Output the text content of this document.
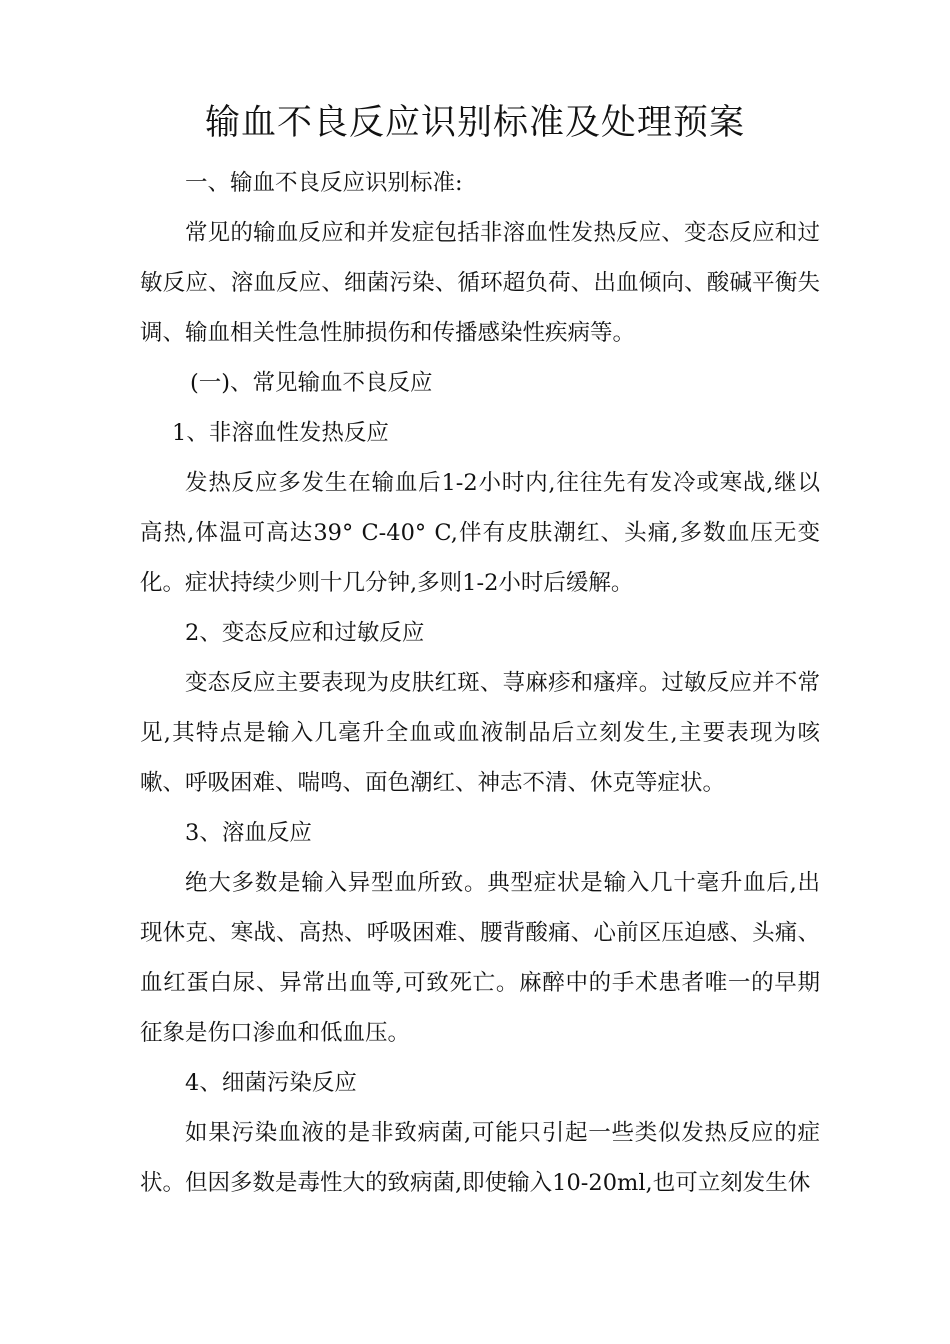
输血不良反应识别标准及处理预案

一、输血不良反应识别标准:

常见的输血反应和并发症包括非溶血性发热反应、变态反应和过敏反应、溶血反应、细菌污染、循环超负荷、出血倾向、酸碱平衡失调、输血相关性急性肺损伤和传播感染性疾病等。

(一)、常见输血不良反应

1、非溶血性发热反应

发热反应多发生在输血后1-2小时内,往往先有发冷或寒战,继以高热,体温可高达39° C-40° C,伴有皮肤潮红、头痛,多数血压无变化。症状持续少则十几分钟,多则1-2小时后缓解。

2、变态反应和过敏反应

变态反应主要表现为皮肤红斑、荨麻疹和瘙痒。过敏反应并不常见,其特点是输入几毫升全血或血液制品后立刻发生,主要表现为咳嗽、呼吸困难、喘鸣、面色潮红、神志不清、休克等症状。

3、溶血反应

绝大多数是输入异型血所致。典型症状是输入几十毫升血后,出现休克、寒战、高热、呼吸困难、腰背酸痛、心前区压迫感、头痛、血红蛋白尿、异常出血等,可致死亡。麻醉中的手术患者唯一的早期征象是伤口渗血和低血压。

4、细菌污染反应

如果污染血液的是非致病菌,可能只引起一些类似发热反应的症状。但因多数是毒性大的致病菌,即使输入10-20ml,也可立刻发生休
